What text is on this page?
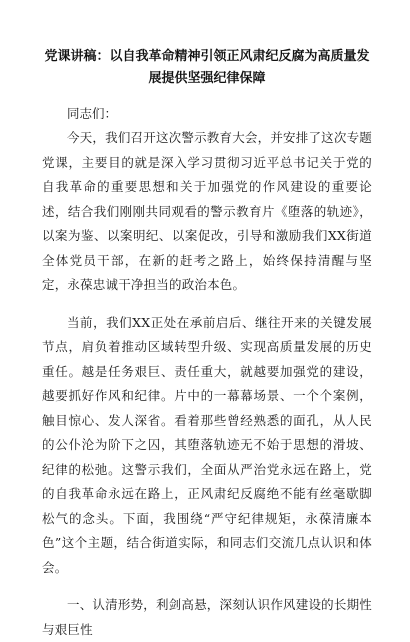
党课讲稿：以自我革命精神引领正风肃纪反腐为高质量发
展提供坚强纪律保障

同志们：

今天，我们召开这次警示教育大会，并安排了这次专题党课，主要目的就是深入学习贯彻习近平总书记关于党的自我革命的重要思想和关于加强党的作风建设的重要论述，结合我们刚刚共同观看的警示教育片《堕落的轨迹》，以案为鉴、以案明纪、以案促改，引导和激励我们XX街道全体党员干部，在新的赶考之路上，始终保持清醒与坚定，永葆忠诚干净担当的政治本色。

当前，我们XX正处在承前启后、继往开来的关键发展节点，肩负着推动区域转型升级、实现高质量发展的历史重任。越是任务艰巨、责任重大，就越要加强党的建设，越要抓好作风和纪律。片中的一幕幕场景、一个个案例，触目惊心、发人深省。看着那些曾经熟悉的面孔，从人民的公仆沦为阶下之囚，其堕落轨迹无不始于思想的滑坡、纪律的松弛。这警示我们，全面从严治党永远在路上，党的自我革命永远在路上，正风肃纪反腐绝不能有丝毫歇脚松气的念头。下面，我围绕“严守纪律规矩，永葆清廉本色”这个主题，结合街道实际，和同志们交流几点认识和体会。

一、认清形势，利剑高悬，深刻认识作风建设的长期性与艰巨性
